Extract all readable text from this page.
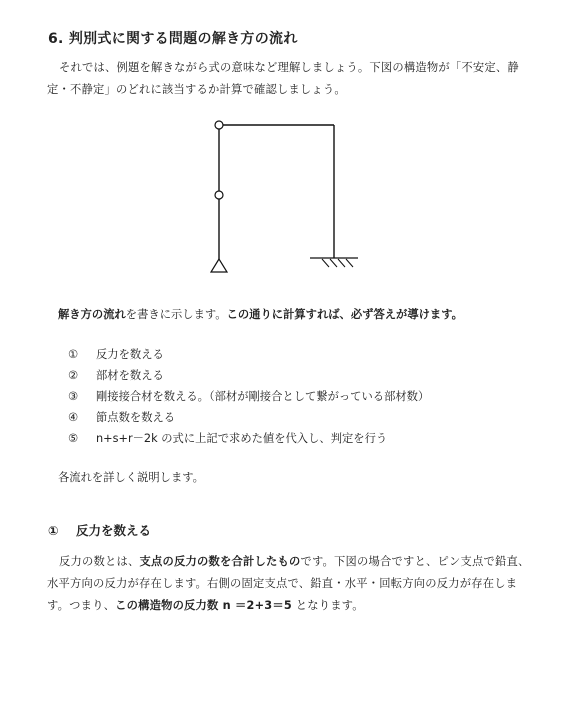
6. 判別式に関する問題の解き方の流れ
それでは、例題を解きながら式の意味など理解しましょう。下図の構造物が「不安定、静
定・不静定」のどれに該当するか計算で確認しましょう。
解き方の流れを書きに示します。この通りに計算すれば、必ず答えが導けます。
① 反力を数える
② 部材を数える
③ 剛接接合材を数える。（部材が剛接合として繋がっている部材数）
④ 節点数を数える
⑤ n+s+r－2k の式に上記で求めた値を代入し、判定を行う
各流れを詳しく説明します。
① 反力を数える
反力の数とは、支点の反力の数を合計したものです。下図の場合ですと、ピン支点で鉛直、
水平方向の反力が存在します。右側の固定支点で、鉛直・水平・回転方向の反力が存在しま
す。つまり、この構造物の反力数 n ＝2+3＝5 となります。
